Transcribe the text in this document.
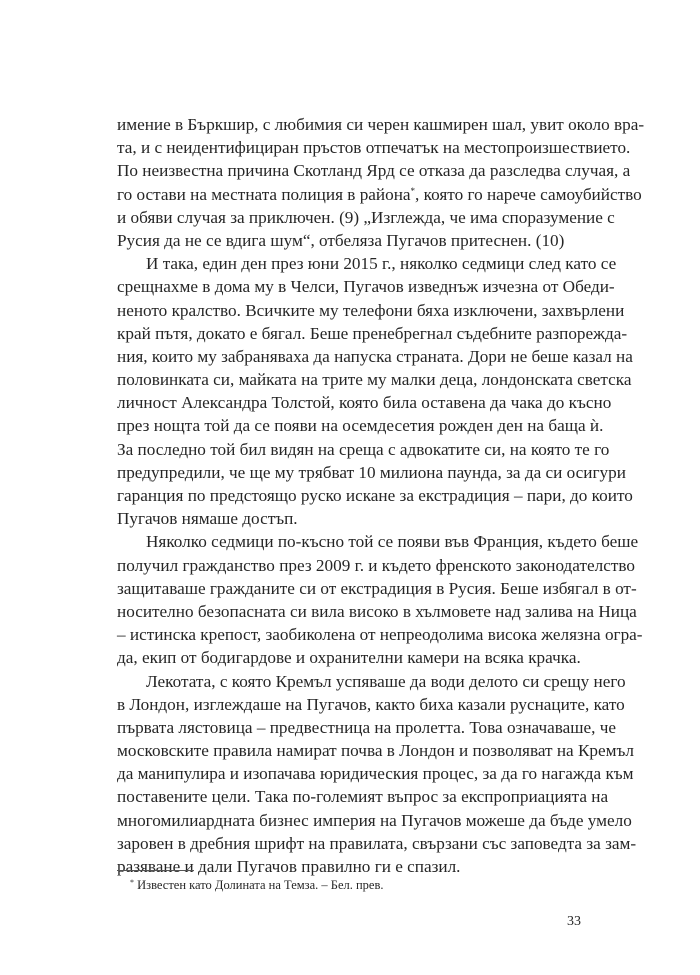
имение в Бъркшир, с любимия си черен кашмирен шал, увит около вра-
та, и с неидентифициран пръстов отпечатък на местопроизшествието.
По неизвестна причина Скотланд Ярд се отказа да разследва случая, а
го остави на местната полиция в района*, която го нарече самоубийство
и обяви случая за приключен. (9) „Изглежда, че има споразумение с
Русия да не се вдига шум“, отбеляза Пугачов притеснен. (10)
И така, един ден през юни 2015 г., няколко седмици след като се
срещнахме в дома му в Челси, Пугачов изведнъж изчезна от Обеди-
неното кралство. Всичките му телефони бяха изключени, захвърлени
край пътя, докато е бягал. Беше пренебрегнал съдебните разпорежда-
ния, които му забраняваха да напуска страната. Дори не беше казал на
половинката си, майката на трите му малки деца, лондонската светска
личност Александра Толстой, която била оставена да чака до късно
през нощта той да се появи на осемдесетия рожден ден на баща ѝ.
За последно той бил видян на среща с адвокатите си, на която те го
предупредили, че ще му трябват 10 милиона паунда, за да си осигури
гаранция по предстоящо руско искане за екстрадиция – пари, до които
Пугачов нямаше достъп.
Няколко седмици по-късно той се появи във Франция, където беше
получил гражданство през 2009 г. и където френското законодателство
защитаваше гражданите си от екстрадиция в Русия. Беше избягал в от-
носително безопасната си вила високо в хълмовете над залива на Ница
– истинска крепост, заобиколена от непреодолима висока желязна огра-
да, екип от бодигардове и охранителни камери на всяка крачка.
Лекотата, с която Кремъл успяваше да води делото си срещу него
в Лондон, изглеждаше на Пугачов, както биха казали руснаците, като
първата лястовица – предвестница на пролетта. Това означаваше, че
московските правила намират почва в Лондон и позволяват на Кремъл
да манипулира и изопачава юридическия процес, за да го нагажда към
поставените цели. Така по-големият въпрос за експроприацията на
многомилиардната бизнес империя на Пугачов можеше да бъде умело
заровен в дребния шрифт на правилата, свързани със заповедта за зам-
разяване и дали Пугачов правилно ги е спазил.
* Известен като Долината на Темза. – Бел. прев.
33
